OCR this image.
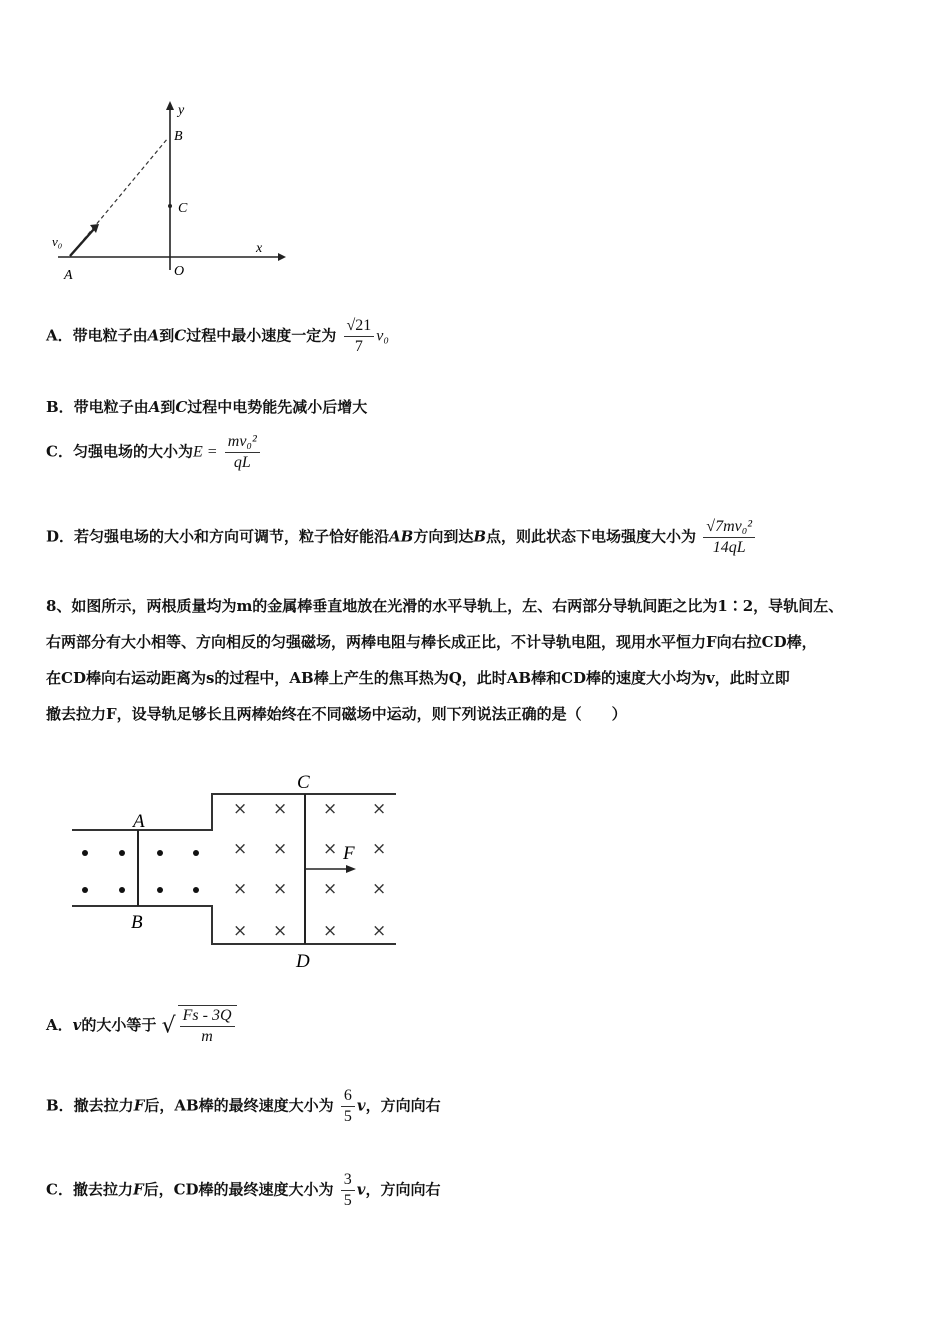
y
B
C
x
O
A
v₀
A．带电粒子由A到C过程中最小速度一定为 $\frac{√21}{7} v_0$
B．带电粒子由A到C过程中电势能先减小后增大
C．匀强电场的大小为$E = \frac{\text{mv₀²}}{qL}$
D．若匀强电场的大小和方向可调节，粒子恰好能沿AB方向到达B点，则此状态下电场强度大小为 $\frac{\text{√7mv₀²}}{14qL}$
8、如图所示，两根质量均为m的金属棒垂直地放在光滑的水平导轨上，左、右两部分导轨间距之比为1∶2，导轨间左、
右两部分有大小相等、方向相反的匀强磁场，两棒电阻与棒长成正比，不计导轨电阻，现用水平恒力F向右拉CD棒，
在CD棒向右运动距离为s的过程中，AB棒上产生的焦耳热为Q，此时AB棒和CD棒的速度大小均为v，此时立即
撤去拉力F，设导轨足够长且两棒始终在不同磁场中运动，则下列说法正确的是（　　）
× × × ×
× × × ×
× × × ×
× × × ×
A
B
C
D
F
A．v的大小等于 √ $\frac{Fs - 3Q}{m}$
B．撤去拉力F后，AB棒的最终速度大小为 $\frac{6}{5}$ v，方向向右
C．撤去拉力F后，CD棒的最终速度大小为 $\frac{3}{5}$ v，方向向右
